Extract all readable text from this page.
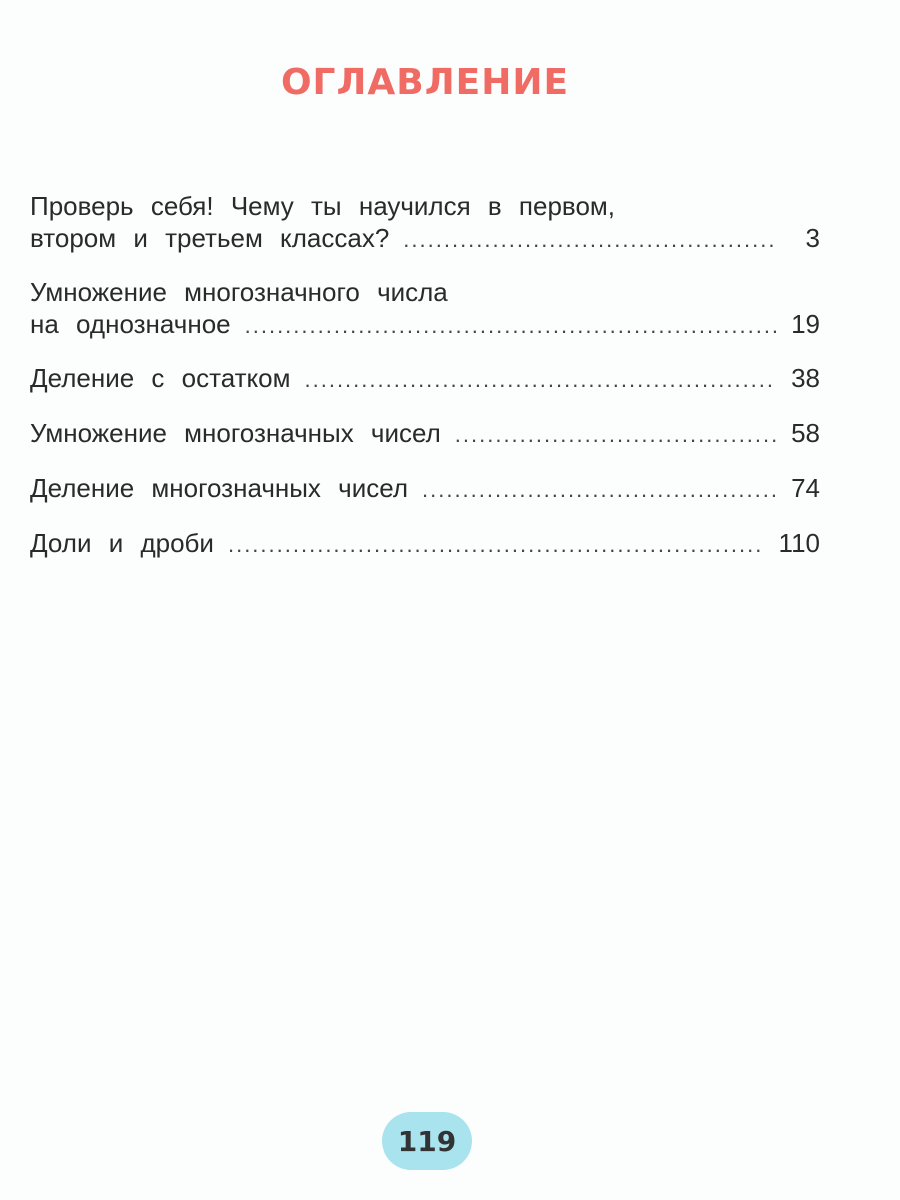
ОГЛАВЛЕНИЕ
Проверь себя! Чему ты научился в первом,
втором и третьем классах? .....	3
Умножение многозначного числа
на однозначное .....	19
Деление с остатком .....	38
Умножение многозначных чисел .....	58
Деление многозначных чисел .....	74
Доли и дроби .....	110
119
